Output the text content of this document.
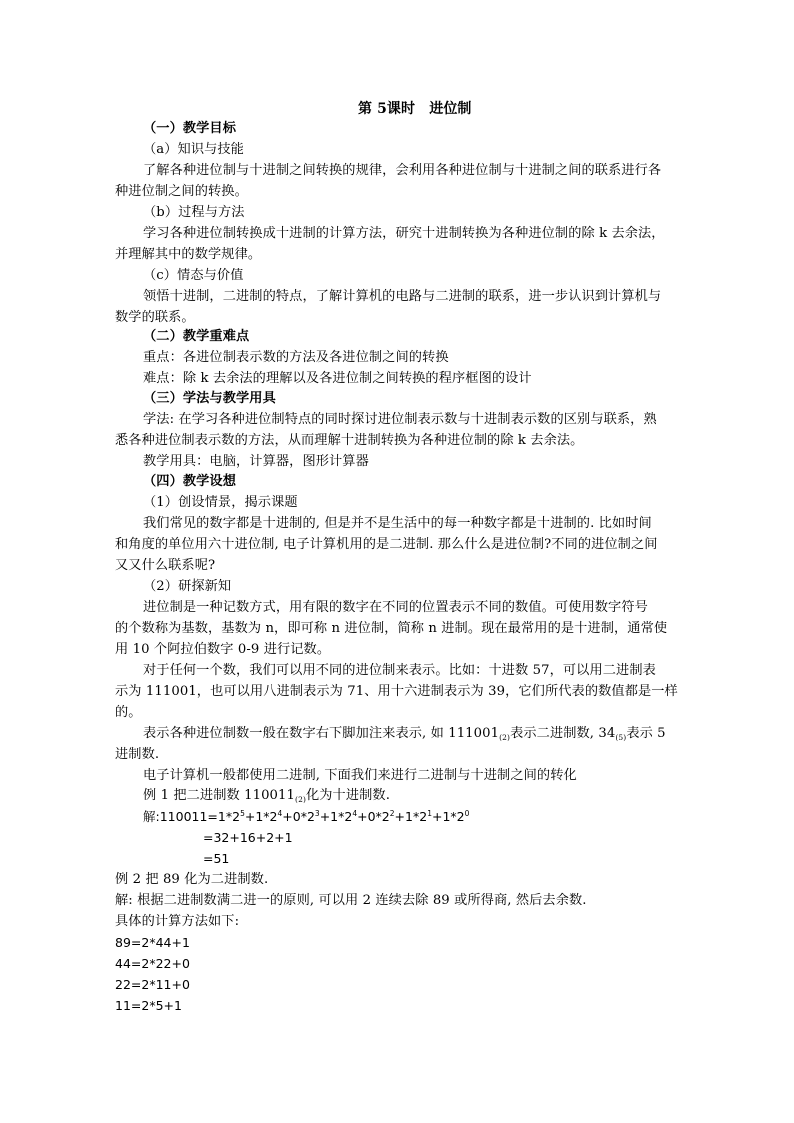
第 5课时　进位制
（一）教学目标
（a）知识与技能
了解各种进位制与十进制之间转换的规律，会利用各种进位制与十进制之间的联系进行各
种进位制之间的转换。
（b）过程与方法
学习各种进位制转换成十进制的计算方法，研究十进制转换为各种进位制的除 k 去余法，
并理解其中的数学规律。
（c）情态与价值
领悟十进制，二进制的特点，了解计算机的电路与二进制的联系，进一步认识到计算机与
数学的联系。
（二）教学重难点
重点：各进位制表示数的方法及各进位制之间的转换
难点：除 k 去余法的理解以及各进位制之间转换的程序框图的设计
（三）学法与教学用具
学法: 在学习各种进位制特点的同时探讨进位制表示数与十进制表示数的区别与联系，熟
悉各种进位制表示数的方法，从而理解十进制转换为各种进位制的除 k 去余法。
教学用具：电脑，计算器，图形计算器
（四）教学设想
（1）创设情景，揭示课题
我们常见的数字都是十进制的, 但是并不是生活中的每一种数字都是十进制的. 比如时间
和角度的单位用六十进位制, 电子计算机用的是二进制. 那么什么是进位制?不同的进位制之间
又又什么联系呢?
（2）研探新知
进位制是一种记数方式，用有限的数字在不同的位置表示不同的数值。可使用数字符号
的个数称为基数，基数为 n，即可称 n 进位制，简称 n 进制。现在最常用的是十进制，通常使
用 10 个阿拉伯数字 0-9 进行记数。
对于任何一个数，我们可以用不同的进位制来表示。比如：十进数 57，可以用二进制表
示为 111001，也可以用八进制表示为 71、用十六进制表示为 39，它们所代表的数值都是一样
的。
表示各种进位制数一般在数字右下脚加注来表示, 如 $111001_{(2)}$表示二进制数, $34_{(5)}$表示 5
进制数.
电子计算机一般都使用二进制, 下面我们来进行二进制与十进制之间的转化
例 1 把二进制数 $110011_{(2)}$化为十进制数.
解$:110011=1*2^5+1*2^4+0*2^3+1*2^4+0*2^2+1*2^1+1*2^0$
=32+16+2+1
=51
例 2 把 89 化为二进制数.
解: 根据二进制数满二进一的原则, 可以用 2 连续去除 89 或所得商, 然后去余数.
具体的计算方法如下:
89=2*44+1
44=2*22+0
22=2*11+0
11=2*5+1
